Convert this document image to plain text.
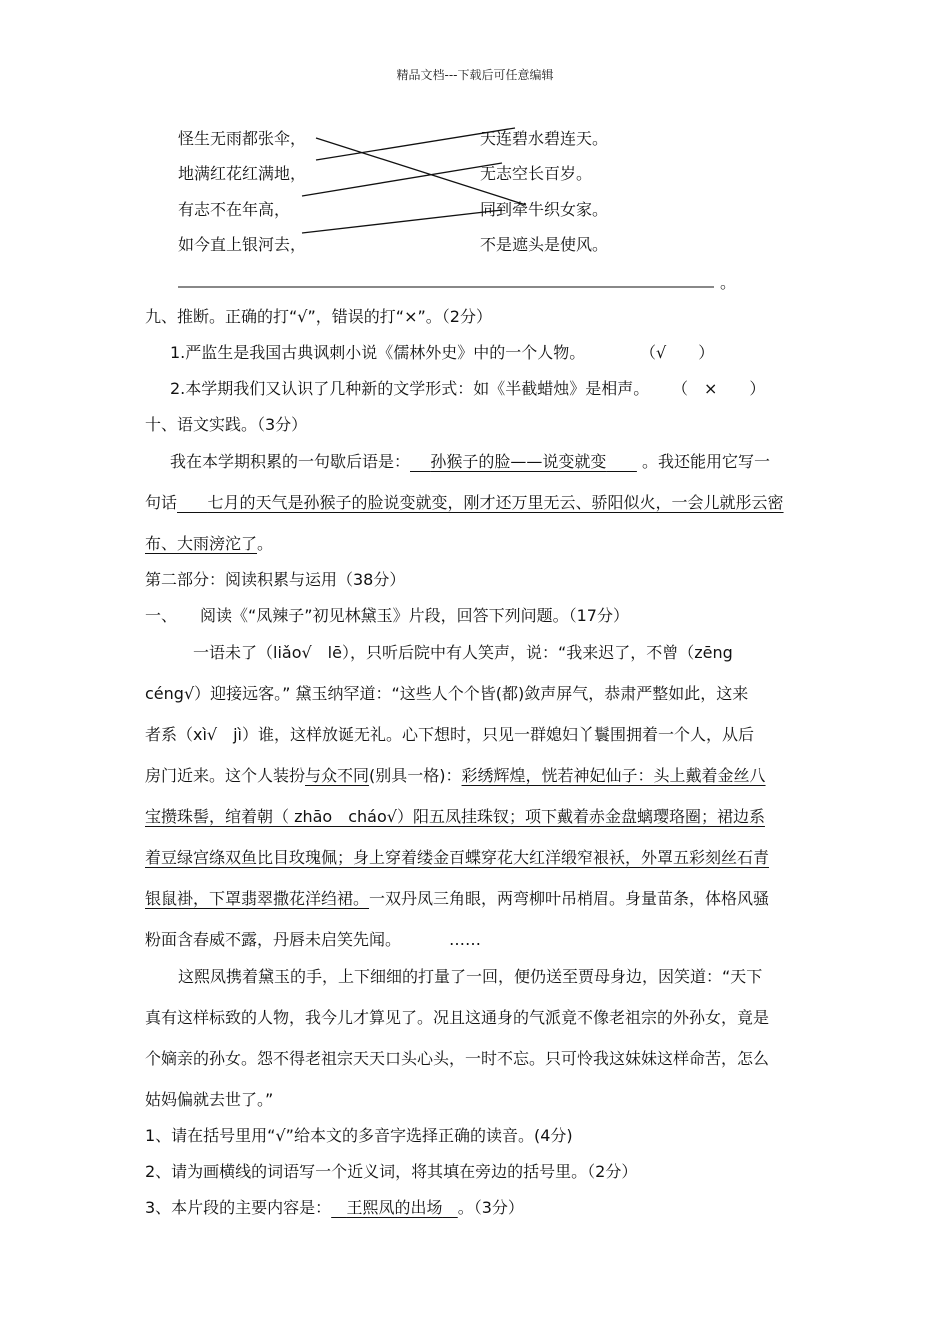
精品文档---下载后可任意编辑
怪生无雨都张伞，
地满红花红满地，
有志不在年高，
如今直上银河去，
天连碧水碧连天。
无志空长百岁。
同到牵牛织女家。
不是遮头是使风。
。
九、推断。正确的打“√”，错误的打“×”。（2分）
1.严监生是我国古典讽刺小说《儒林外史》中的一个人物。	（√　　）
2.本学期我们又认识了几种新的文学形式：如《半截蜡烛》是相声。 （　×　　）
十、语文实践。（3分）
我在本学期积累的一句歇后语是： 孙猴子的脸——说变就变 。我还能用它写一
句话 七月的天气是孙猴子的脸说变就变，刚才还万里无云、骄阳似火，一会儿就彤云密
布、大雨滂沱了。
第二部分：阅读积累与运用（38分）
一、 阅读《“凤辣子”初见林黛玉》片段，回答下列问题。（17分）
一语未了（liǎo√　lē），只听后院中有人笑声，说：“我来迟了，不曾（zēng
céng√）迎接远客。” 黛玉纳罕道：“这些人个个皆(都)敛声屏气，恭肃严整如此，这来
者系（xì√　jì）谁，这样放诞无礼。心下想时，只见一群媳妇丫鬟围拥着一个人，从后
房门近来。这个人装扮与众不同(别具一格)：彩绣辉煌，恍若神妃仙子：头上戴着金丝八
宝攒珠髻，绾着朝（ zhāo　cháo√）阳五凤挂珠钗；项下戴着赤金盘螭璎珞圈；裙边系
着豆绿宫绦双鱼比目玫瑰佩；身上穿着缕金百蝶穿花大红洋缎窄裉袄，外罩五彩刻丝石青
银鼠褂，下罩翡翠撒花洋绉裙。一双丹凤三角眼，两弯柳叶吊梢眉。身量苗条，体格风骚
粉面含春威不露，丹唇未启笑先闻。	……
这熙凤携着黛玉的手，上下细细的打量了一回，便仍送至贾母身边，因笑道：“天下
真有这样标致的人物，我今儿才算见了。况且这通身的气派竟不像老祖宗的外孙女，竟是
个嫡亲的孙女。怨不得老祖宗天天口头心头，一时不忘。只可怜我这妹妹这样命苦，怎么
姑妈偏就去世了。”
1、请在括号里用“√”给本文的多音字选择正确的读音。(4分)
2、请为画横线的词语写一个近义词，将其填在旁边的括号里。（2分）
3、本片段的主要内容是： 王熙凤的出场 。（3分）
